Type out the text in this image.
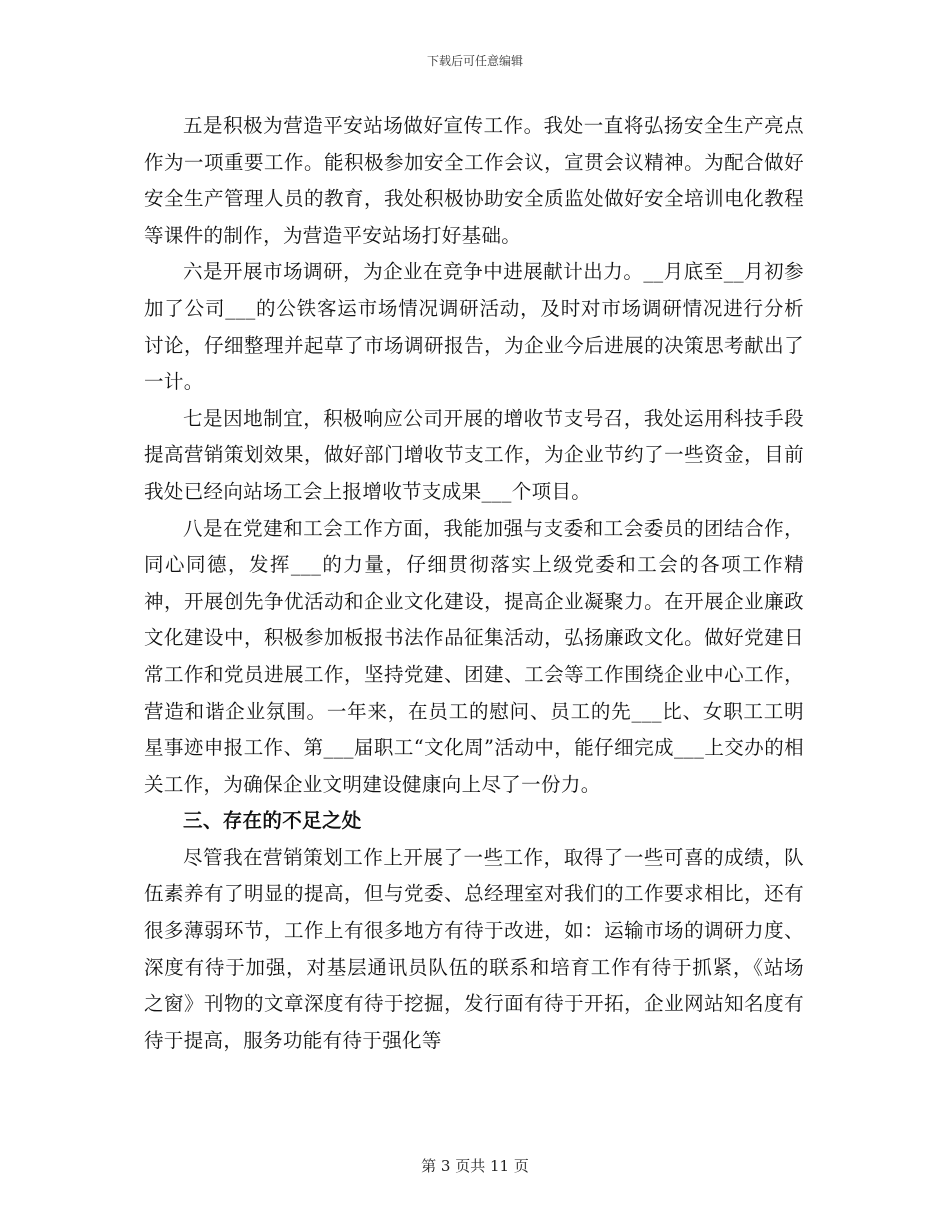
下载后可任意编辑

五是积极为营造平安站场做好宣传工作。我处一直将弘扬安全生产亮点作为一项重要工作。能积极参加安全工作会议，宣贯会议精神。为配合做好安全生产管理人员的教育，我处积极协助安全质监处做好安全培训电化教程等课件的制作，为营造平安站场打好基础。

六是开展市场调研，为企业在竞争中进展献计出力。__月底至__月初参加了公司___的公铁客运市场情况调研活动，及时对市场调研情况进行分析讨论，仔细整理并起草了市场调研报告，为企业今后进展的决策思考献出了一计。

七是因地制宜，积极响应公司开展的增收节支号召，我处运用科技手段提高营销策划效果，做好部门增收节支工作，为企业节约了一些资金，目前我处已经向站场工会上报增收节支成果___个项目。

八是在党建和工会工作方面，我能加强与支委和工会委员的团结合作，同心同德，发挥___的力量，仔细贯彻落实上级党委和工会的各项工作精神，开展创先争优活动和企业文化建设，提高企业凝聚力。在开展企业廉政文化建设中，积极参加板报书法作品征集活动，弘扬廉政文化。做好党建日常工作和党员进展工作，坚持党建、团建、工会等工作围绕企业中心工作，营造和谐企业氛围。一年来，在员工的慰问、员工的先___比、女职工工明星事迹申报工作、第___届职工“文化周”活动中，能仔细完成___上交办的相关工作，为确保企业文明建设健康向上尽了一份力。

三、存在的不足之处

尽管我在营销策划工作上开展了一些工作，取得了一些可喜的成绩，队伍素养有了明显的提高，但与党委、总经理室对我们的工作要求相比，还有很多薄弱环节，工作上有很多地方有待于改进，如：运输市场的调研力度、深度有待于加强，对基层通讯员队伍的联系和培育工作有待于抓紧，《站场之窗》刊物的文章深度有待于挖掘，发行面有待于开拓，企业网站知名度有待于提高，服务功能有待于强化等

第 3 页共 11 页
